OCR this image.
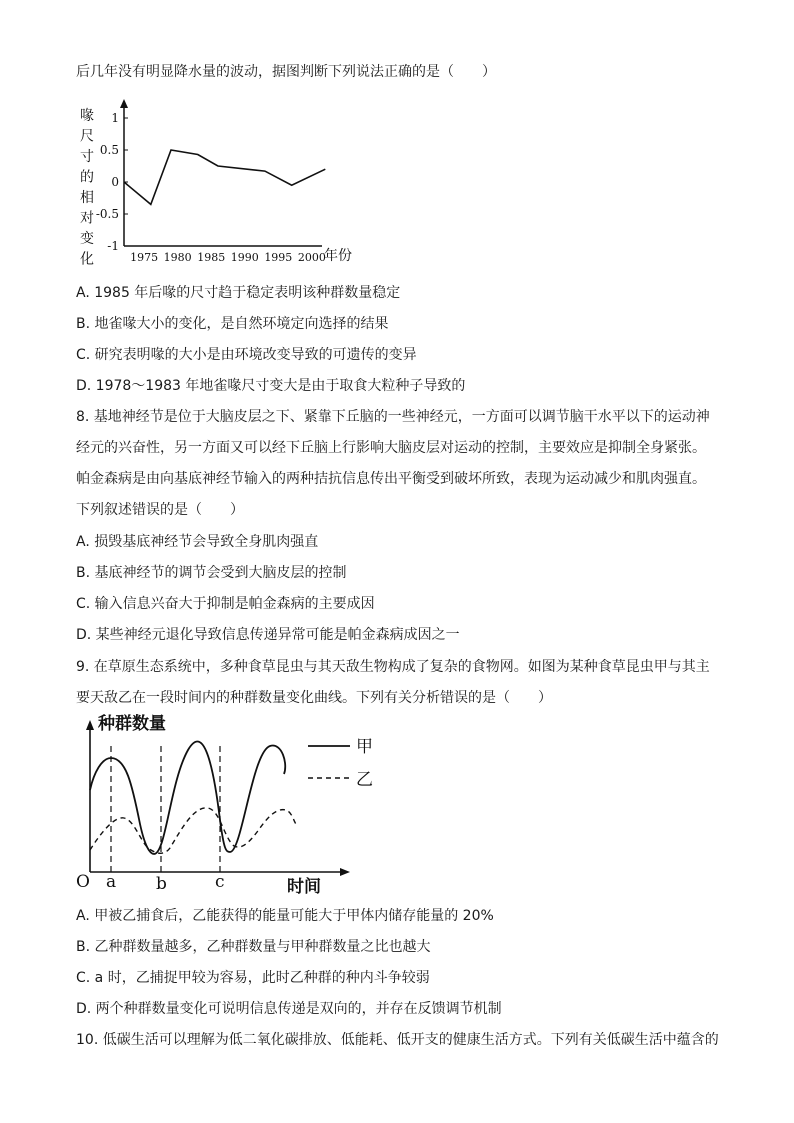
后几年没有明显降水量的波动，据图判断下列说法正确的是（　　）
喙
尺
寸
的
相
对
变
化
1
0.5
0
-0.5
-1
1975 1980 1985 1990 1995 2000
年份
A. 1985 年后喙的尺寸趋于稳定表明该种群数量稳定
B. 地雀喙大小的变化，是自然环境定向选择的结果
C. 研究表明喙的大小是由环境改变导致的可遗传的变异
D. 1978～1983 年地雀喙尺寸变大是由于取食大粒种子导致的
8. 基地神经节是位于大脑皮层之下、紧靠下丘脑的一些神经元，一方面可以调节脑干水平以下的运动神
经元的兴奋性，另一方面又可以经下丘脑上行影响大脑皮层对运动的控制，主要效应是抑制全身紧张。
帕金森病是由向基底神经节输入的两种拮抗信息传出平衡受到破坏所致，表现为运动减少和肌肉强直。
下列叙述错误的是（　　）
A. 损毁基底神经节会导致全身肌肉强直
B. 基底神经节的调节会受到大脑皮层的控制
C. 输入信息兴奋大于抑制是帕金森病的主要成因
D. 某些神经元退化导致信息传递异常可能是帕金森病成因之一
9. 在草原生态系统中，多种食草昆虫与其天敌生物构成了复杂的食物网。如图为某种食草昆虫甲与其主
要天敌乙在一段时间内的种群数量变化曲线。下列有关分析错误的是（　　）
种群数量
时间
O a b	c
甲
乙
A. 甲被乙捕食后，乙能获得的能量可能大于甲体内储存能量的 20%
B. 乙种群数量越多，乙种群数量与甲种群数量之比也越大
C. a 时，乙捕捉甲较为容易，此时乙种群的种内斗争较弱
D. 两个种群数量变化可说明信息传递是双向的，并存在反馈调节机制
10. 低碳生活可以理解为低二氧化碳排放、低能耗、低开支的健康生活方式。下列有关低碳生活中蕴含的
